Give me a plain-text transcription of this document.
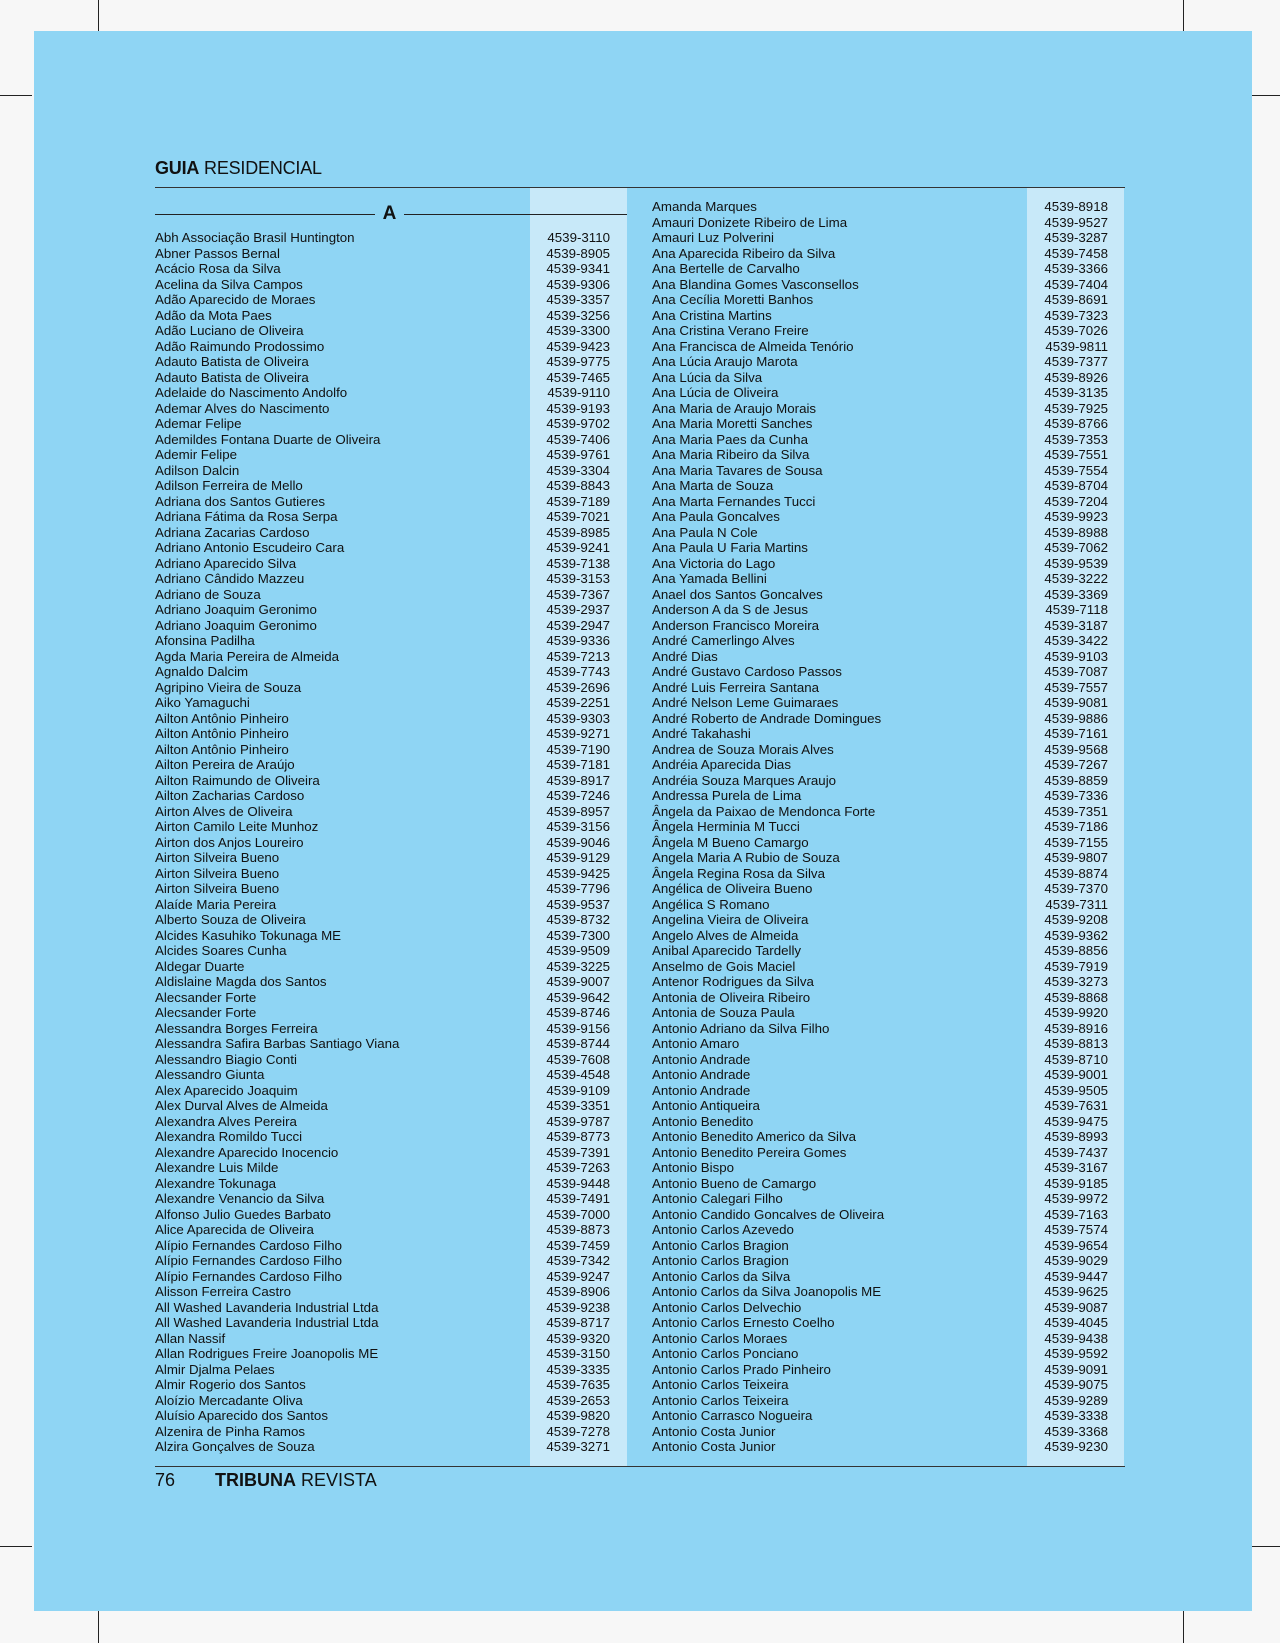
GUIA RESIDENCIAL
A
Abh Associação Brasil Huntington	4539-3110
Abner Passos Bernal	4539-8905
Acácio Rosa da Silva	4539-9341
Acelina da Silva Campos	4539-9306
Adão Aparecido de Moraes	4539-3357
Adão da Mota Paes	4539-3256
Adão Luciano de Oliveira	4539-3300
Adão Raimundo Prodossimo	4539-9423
Adauto Batista de Oliveira	4539-9775
Adauto Batista de Oliveira	4539-7465
Adelaide do Nascimento Andolfo	4539-9110
Ademar Alves do Nascimento	4539-9193
Ademar Felipe	4539-9702
Ademildes Fontana Duarte de Oliveira	4539-7406
Ademir Felipe	4539-9761
Adilson Dalcin	4539-3304
Adilson Ferreira de Mello	4539-8843
Adriana dos Santos Gutieres	4539-7189
Adriana Fátima da Rosa Serpa	4539-7021
Adriana Zacarias Cardoso	4539-8985
Adriano Antonio Escudeiro Cara	4539-9241
Adriano Aparecido Silva	4539-7138
Adriano Cândido Mazzeu	4539-3153
Adriano de Souza	4539-7367
Adriano Joaquim Geronimo	4539-2937
Adriano Joaquim Geronimo	4539-2947
Afonsina Padilha	4539-9336
Agda Maria Pereira de Almeida	4539-7213
Agnaldo Dalcim	4539-7743
Agripino Vieira de Souza	4539-2696
Aiko Yamaguchi	4539-2251
Ailton Antônio Pinheiro	4539-9303
Ailton Antônio Pinheiro	4539-9271
Ailton Antônio Pinheiro	4539-7190
Ailton Pereira de Araújo	4539-7181
Ailton Raimundo de Oliveira	4539-8917
Ailton Zacharias Cardoso	4539-7246
Airton Alves de Oliveira	4539-8957
Airton Camilo Leite Munhoz	4539-3156
Airton dos Anjos Loureiro	4539-9046
Airton Silveira Bueno	4539-9129
Airton Silveira Bueno	4539-9425
Airton Silveira Bueno	4539-7796
Alaíde Maria Pereira	4539-9537
Alberto Souza de Oliveira	4539-8732
Alcides Kasuhiko Tokunaga ME	4539-7300
Alcides Soares Cunha	4539-9509
Aldegar Duarte	4539-3225
Aldislaine Magda dos Santos	4539-9007
Alecsander Forte	4539-9642
Alecsander Forte	4539-8746
Alessandra Borges Ferreira	4539-9156
Alessandra Safira Barbas Santiago Viana	4539-8744
Alessandro Biagio Conti	4539-7608
Alessandro Giunta	4539-4548
Alex Aparecido Joaquim	4539-9109
Alex Durval Alves de Almeida	4539-3351
Alexandra Alves Pereira	4539-9787
Alexandra Romildo Tucci	4539-8773
Alexandre Aparecido Inocencio	4539-7391
Alexandre Luis Milde	4539-7263
Alexandre Tokunaga	4539-9448
Alexandre Venancio da Silva	4539-7491
Alfonso Julio Guedes Barbato	4539-7000
Alice Aparecida de Oliveira	4539-8873
Alípio Fernandes Cardoso Filho	4539-7459
Alípio Fernandes Cardoso Filho	4539-7342
Alípio Fernandes Cardoso Filho	4539-9247
Alisson Ferreira Castro	4539-8906
All Washed Lavanderia Industrial Ltda	4539-9238
All Washed Lavanderia Industrial Ltda	4539-8717
Allan Nassif	4539-9320
Allan Rodrigues Freire Joanopolis ME	4539-3150
Almir Djalma Pelaes	4539-3335
Almir Rogerio dos Santos	4539-7635
Aloízio Mercadante Oliva	4539-2653
Aluísio Aparecido dos Santos	4539-9820
Alzenira de Pinha Ramos	4539-7278
Alzira Gonçalves de Souza	4539-3271
Amanda Marques	4539-8918
Amauri Donizete Ribeiro de Lima	4539-9527
Amauri Luz Polverini	4539-3287
Ana Aparecida Ribeiro da Silva	4539-7458
Ana Bertelle de Carvalho	4539-3366
Ana Blandina Gomes Vasconsellos	4539-7404
Ana Cecília Moretti Banhos	4539-8691
Ana Cristina Martins	4539-7323
Ana Cristina Verano Freire	4539-7026
Ana Francisca de Almeida Tenório	4539-9811
Ana Lúcia Araujo Marota	4539-7377
Ana Lúcia da Silva	4539-8926
Ana Lúcia de Oliveira	4539-3135
Ana Maria de Araujo Morais	4539-7925
Ana Maria Moretti Sanches	4539-8766
Ana Maria Paes da Cunha	4539-7353
Ana Maria Ribeiro da Silva	4539-7551
Ana Maria Tavares de Sousa	4539-7554
Ana Marta de Souza	4539-8704
Ana Marta Fernandes Tucci	4539-7204
Ana Paula Goncalves	4539-9923
Ana Paula N Cole	4539-8988
Ana Paula U Faria Martins	4539-7062
Ana Victoria do Lago	4539-9539
Ana Yamada Bellini	4539-3222
Anael dos Santos Goncalves	4539-3369
Anderson A da S de Jesus	4539-7118
Anderson Francisco Moreira	4539-3187
André Camerlingo Alves	4539-3422
André Dias	4539-9103
André Gustavo Cardoso Passos	4539-7087
André Luis Ferreira Santana	4539-7557
André Nelson Leme Guimaraes	4539-9081
André Roberto de Andrade Domingues	4539-9886
André Takahashi	4539-7161
Andrea de Souza Morais Alves	4539-9568
Andréia Aparecida Dias	4539-7267
Andréia Souza Marques Araujo	4539-8859
Andressa Purela de Lima	4539-7336
Ângela da Paixao de Mendonca Forte	4539-7351
Ângela Herminia M Tucci	4539-7186
Ângela M Bueno Camargo	4539-7155
Angela Maria A Rubio de Souza	4539-9807
Ângela Regina Rosa da Silva	4539-8874
Angélica de Oliveira Bueno	4539-7370
Angélica S Romano	4539-7311
Angelina Vieira de Oliveira	4539-9208
Angelo Alves de Almeida	4539-9362
Anibal Aparecido Tardelly	4539-8856
Anselmo de Gois Maciel	4539-7919
Antenor Rodrigues da Silva	4539-3273
Antonia de Oliveira Ribeiro	4539-8868
Antonia de Souza Paula	4539-9920
Antonio Adriano da Silva Filho	4539-8916
Antonio Amaro	4539-8813
Antonio Andrade	4539-8710
Antonio Andrade	4539-9001
Antonio Andrade	4539-9505
Antonio Antiqueira	4539-7631
Antonio Benedito	4539-9475
Antonio Benedito Americo da Silva	4539-8993
Antonio Benedito Pereira Gomes	4539-7437
Antonio Bispo	4539-3167
Antonio Bueno de Camargo	4539-9185
Antonio Calegari Filho	4539-9972
Antonio Candido Goncalves de Oliveira	4539-7163
Antonio Carlos Azevedo	4539-7574
Antonio Carlos Bragion	4539-9654
Antonio Carlos Bragion	4539-9029
Antonio Carlos da Silva	4539-9447
Antonio Carlos da Silva Joanopolis ME	4539-9625
Antonio Carlos Delvechio	4539-9087
Antonio Carlos Ernesto Coelho	4539-4045
Antonio Carlos Moraes	4539-9438
Antonio Carlos Ponciano	4539-9592
Antonio Carlos Prado Pinheiro	4539-9091
Antonio Carlos Teixeira	4539-9075
Antonio Carlos Teixeira	4539-9289
Antonio Carrasco Nogueira	4539-3338
Antonio Costa Junior	4539-3368
Antonio Costa Junior	4539-9230
76 TRIBUNA REVISTA
